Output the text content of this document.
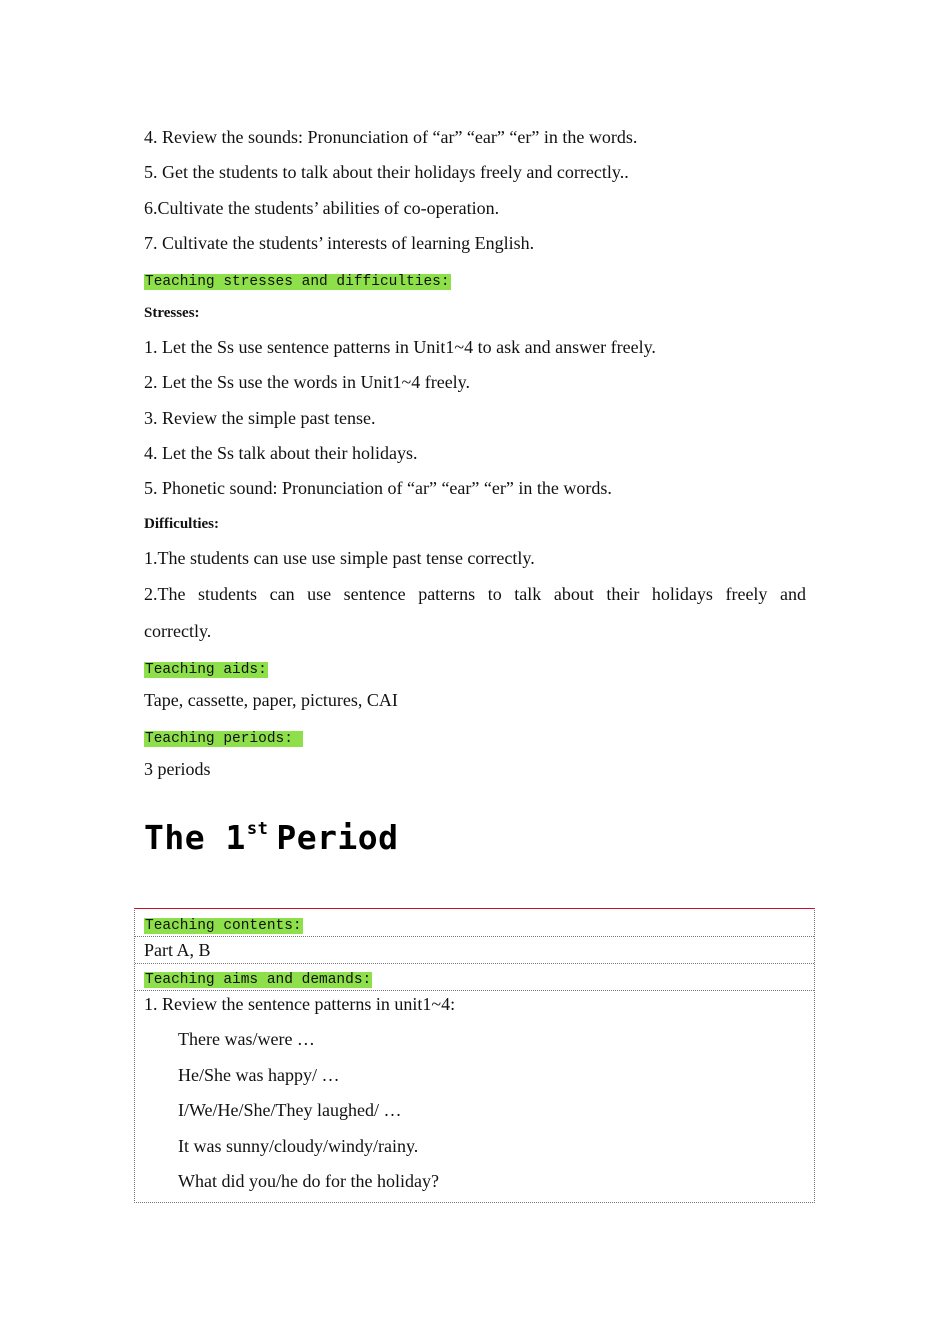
4. Review the sounds: Pronunciation of “ar” “ear” “er” in the words.
5. Get the students to talk about their holidays freely and correctly..
6.Cultivate the students’ abilities of co-operation.
7. Cultivate the students’ interests of learning English.
Teaching stresses and difficulties:
Stresses:
1. Let the Ss use sentence patterns in Unit1~4 to ask and answer freely.
2. Let the Ss use the words in Unit1~4 freely.
3. Review the simple past tense.
4. Let the Ss talk about their holidays.
5. Phonetic sound: Pronunciation of “ar” “ear” “er” in the words.
Difficulties:
1.The students can use use simple past tense correctly.
2.The students can use sentence patterns to talk about their holidays freely and
correctly.
Teaching aids:
Tape, cassette, paper, pictures, CAI
Teaching periods:
3 periods
The 1st Period
Teaching contents:
Part A, B
Teaching aims and demands:
1. Review the sentence patterns in unit1~4:
There was/were …
He/She was happy/ …
I/We/He/She/They laughed/ …
It was sunny/cloudy/windy/rainy.
What did you/he do for the holiday?
